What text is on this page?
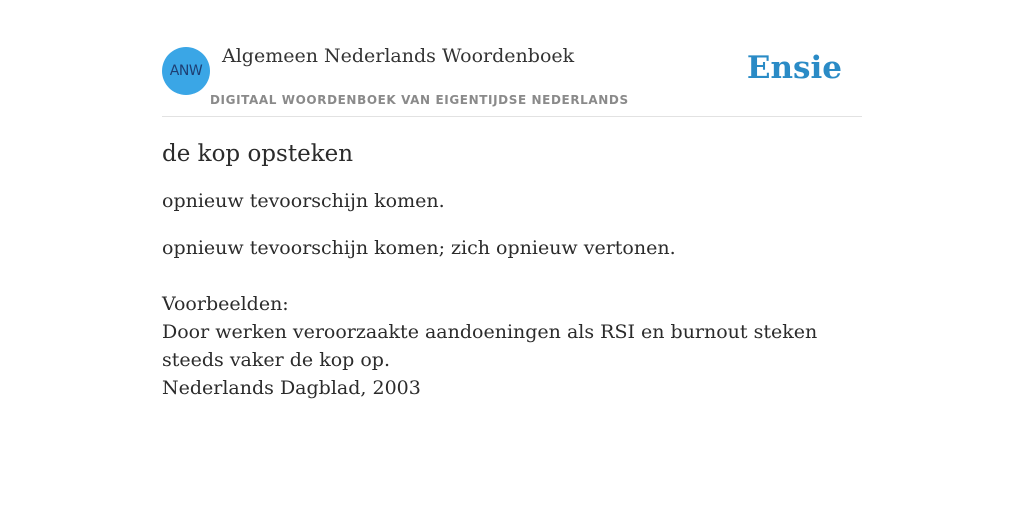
ANW
Algemeen Nederlands Woordenboek
DIGITAAL WOORDENBOEK VAN EIGENTIJDSE NEDERLANDS
Ensie
de kop opsteken

opnieuw tevoorschijn komen.

opnieuw tevoorschijn komen; zich opnieuw vertonen.

Voorbeelden:
Door werken veroorzaakte aandoeningen als RSI en burnout steken steeds vaker de kop op.
Nederlands Dagblad, 2003
